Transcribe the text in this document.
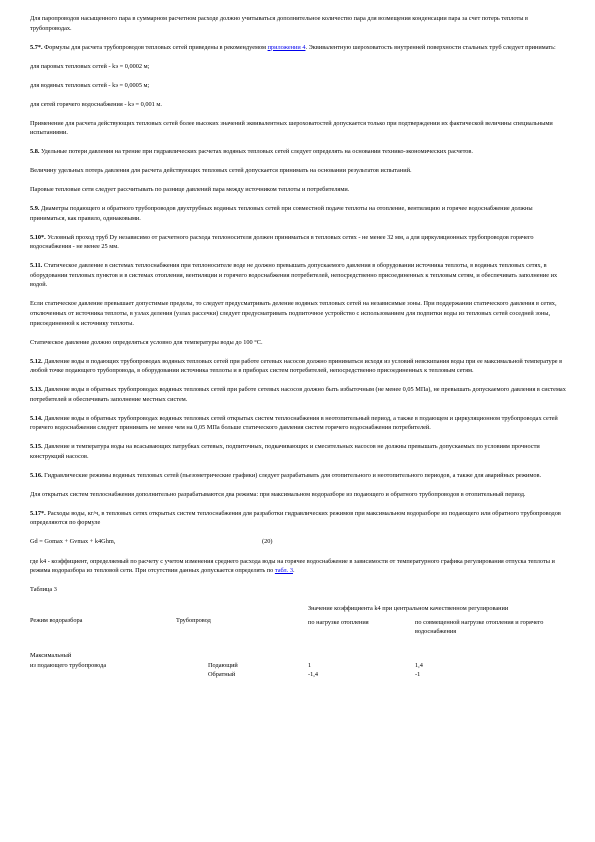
Для паропроводов насыщенного пара в суммарном расчетном расходе должно учитываться дополнительное количество пара для возмещения конденсации пара за счет потерь теплоты в трубопроводах.

5.7*. Формулы для расчета трубопроводов тепловых сетей приведены в рекомендуемом приложении 4. Эквивалентную шероховатость внутренней поверхности стальных труб следует принимать:

для паровых тепловых сетей - kэ = 0,0002 м;

для водяных тепловых сетей - kэ = 0,0005 м;

для сетей горячего водоснабжения - kэ = 0,001 м.

Применение для расчета действующих тепловых сетей более высоких значений эквивалентных шероховатостей допускается только при подтверждении их фактической величины специальными испытаниями.

5.8. Удельные потери давления на трение при гидравлических расчетах водяных тепловых сетей следует определять на основании технико-экономических расчетов.

Величину удельных потерь давления для расчета действующих тепловых сетей допускается принимать на основании результатов испытаний.

Паровые тепловые сети следует рассчитывать по разнице давлений пара между источником теплоты и потребителями.

5.9. Диаметры подающего и обратного трубопроводов двухтрубных водяных тепловых сетей при совместной подаче теплоты на отопление, вентиляцию и горячее водоснабжение должны приниматься, как правило, одинаковыми.

5.10*. Условный проход труб Dy независимо от расчетного расхода теплоносителя должен приниматься в тепловых сетях - не менее 32 мм, а для циркуляционных трубопроводов горячего водоснабжения - не менее 25 мм.

5.11. Статическое давление в системах теплоснабжения при теплоносителе воде не должно превышать допускаемого давления в оборудовании источника теплоты, в водяных тепловых сетях, в оборудовании тепловых пунктов и в системах отопления, вентиляции и горячего водоснабжения потребителей, непосредственно присоединенных к тепловым сетям, и обеспечивать заполнение их водой.

Если статическое давление превышает допустимые пределы, то следует предусматривать деление водяных тепловых сетей на независимые зоны. При поддержании статического давления в сетях, отключенных от источника теплоты, в узлах деления (узлах рассечки) следует предусматривать подпиточное устройство с использованием для подпитки воды из тепловых сетей соседней зоны, присоединенной к источнику теплоты.

Статическое давление должно определяться условно для температуры воды до 100 °С.

5.12. Давление воды в подающих трубопроводах водяных тепловых сетей при работе сетевых насосов должно приниматься исходя из условий невскипания воды при ее максимальной температуре в любой точке подающего трубопровода, в оборудовании источника теплоты и в приборах систем потребителей, непосредственно присоединенных к тепловым сетям.

5.13. Давление воды в обратных трубопроводах водяных тепловых сетей при работе сетевых насосов должно быть избыточным (не менее 0,05 МПа), не превышать допускаемого давления в системах потребителей и обеспечивать заполнение местных систем.

5.14. Давление воды в обратных трубопроводах водяных тепловых сетей открытых систем теплоснабжения в неотопительный период, а также в подающем и циркуляционном трубопроводах сетей горячего водоснабжения следует принимать не менее чем на 0,05 МПа больше статического давления систем горячего водоснабжения потребителей.

5.15. Давление и температура воды на всасывающих патрубках сетевых, подпиточных, подкачивающих и смесительных насосов не должны превышать допускаемых по условиям прочности конструкций насосов.

5.16. Гидравлические режимы водяных тепловых сетей (пьезометрические графики) следует разрабатывать для отопительного и неотопительного периодов, а также для аварийных режимов.

Для открытых систем теплоснабжения дополнительно разрабатываются два режима: при максимальном водоразборе из подающего и обратного трубопроводов в отопительный период.

5.17*. Расходы воды, кг/ч, в тепловых сетях открытых систем теплоснабжения для разработки гидравлических режимов при максимальном водоразборе из подающего или обратного трубопроводов определяются по формуле

Gd = Gomax + Gvmax + k4Ghm,	(20)

где k4 - коэффициент, определяемый по расчету с учетом изменения среднего расхода воды на горячее водоснабжение в зависимости от температурного графика регулирования отпуска теплоты и режима водоразбора из тепловой сети. При отсутствии данных допускается определять по табл. 3.

Таблица 3

Режим водоразбора	Трубопровод	Значение коэффициента k4 при центральном качественном регулировании	
		по нагрузке отопления	по совмещенной нагрузке отопления и горячего водоснабжения
Максимальный			
из подающего трубопровода	Подающий	1	1,4
	Обратный	-1,4	-1
